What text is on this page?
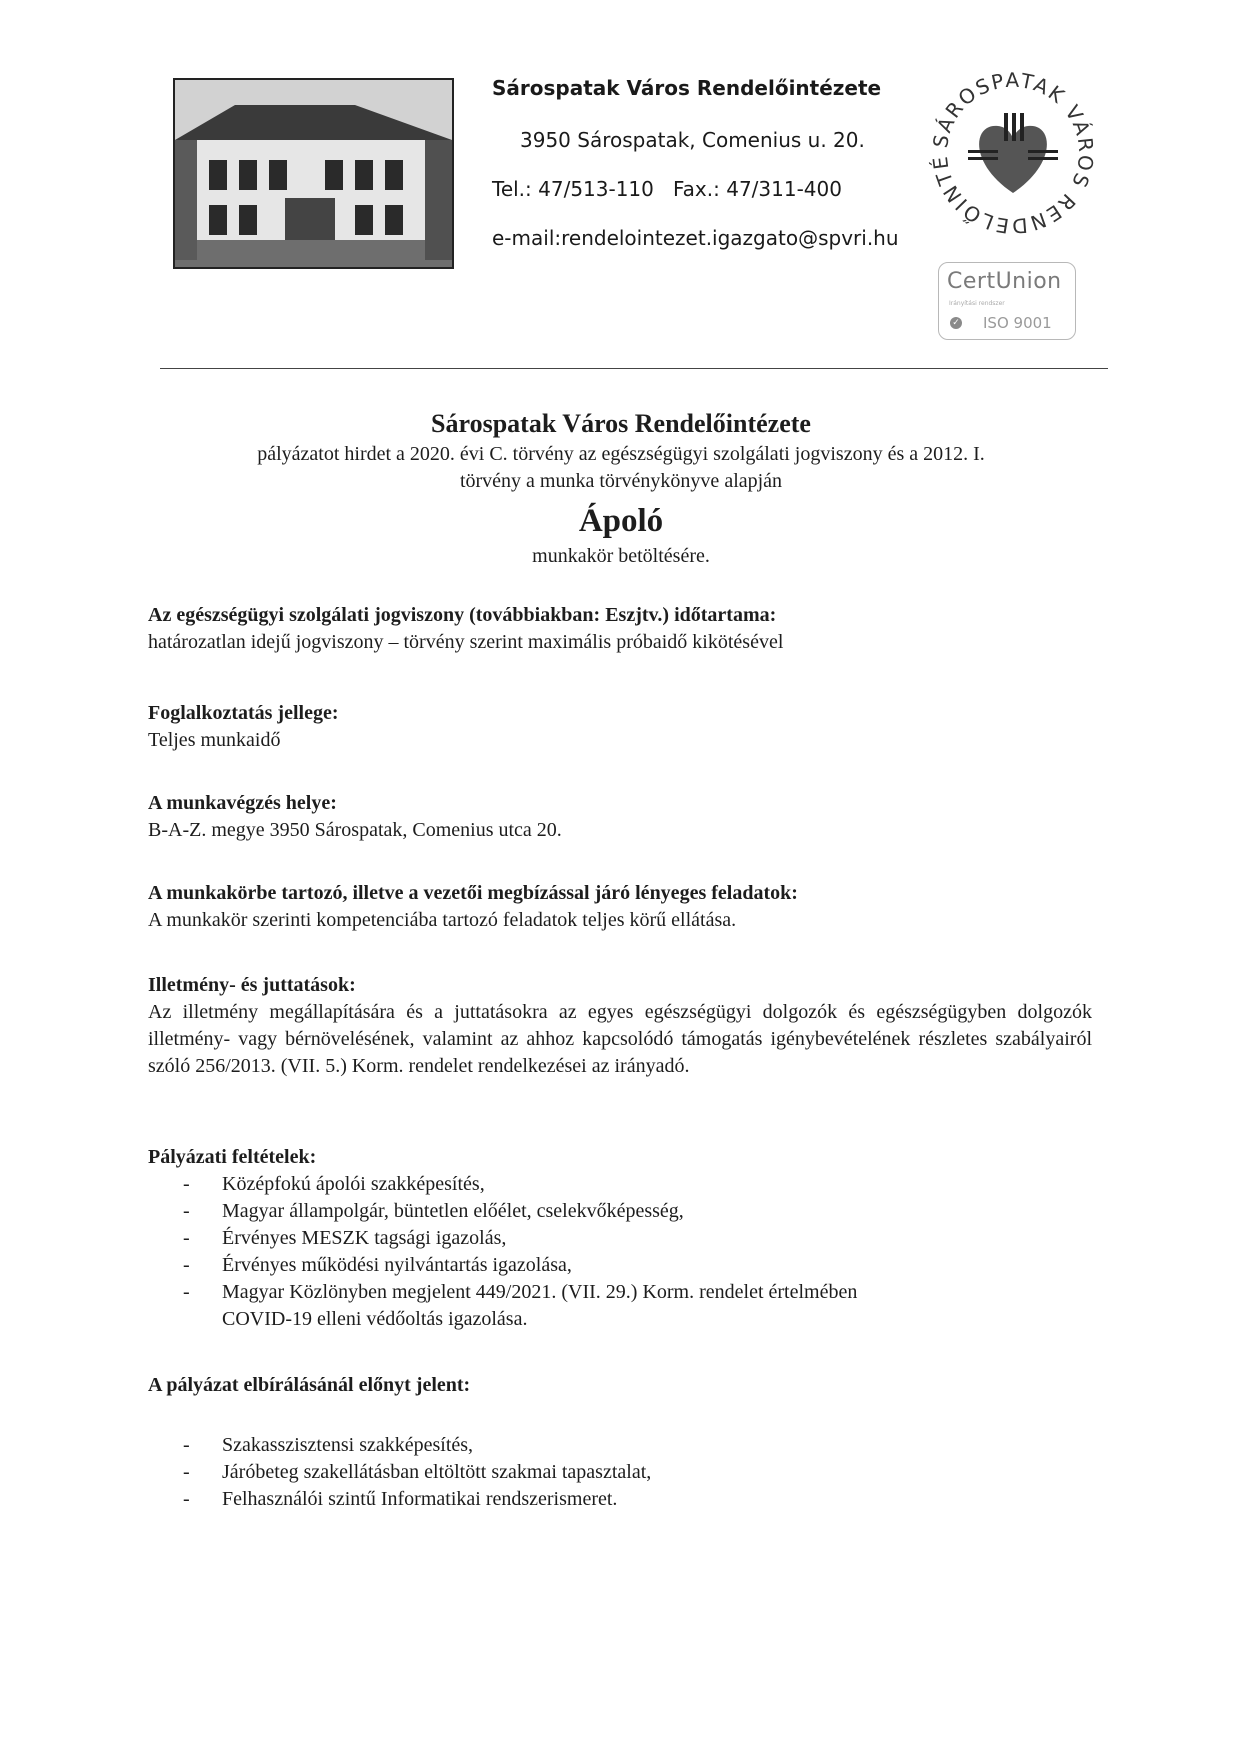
Sárospatak Város Rendelőintézete
3950 Sárospatak, Comenius u. 20.
Tel.: 47/513-110 Fax.: 47/311-400
e-mail:rendelointezet.igazgato@spvri.hu
SÁROSPATAK VÁROS RENDELŐINTÉ
CertUnion
Irányítási rendszer
✓ ISO 9001
Sárospatak Város Rendelőintézete
pályázatot hirdet a 2020. évi C. törvény az egészségügyi szolgálati jogviszony és a 2012. I.
törvény a munka törvénykönyve alapján
Ápoló
munkakör betöltésére.
Az egészségügyi szolgálati jogviszony (továbbiakban: Eszjtv.) időtartama:

határozatlan idejű jogviszony – törvény szerint maximális próbaidő kikötésével

Foglalkoztatás jellege:

Teljes munkaidő

A munkavégzés helye:

B-A-Z. megye 3950 Sárospatak, Comenius utca 20.

A munkakörbe tartozó, illetve a vezetői megbízással járó lényeges feladatok:

A munkakör szerinti kompetenciába tartozó feladatok teljes körű ellátása.

Illetmény- és juttatások:

Az illetmény megállapítására és a juttatásokra az egyes egészségügyi dolgozók és egészségügyben dolgozók illetmény- vagy bérnövelésének, valamint az ahhoz kapcsolódó támogatás igénybevételének részletes szabályairól szóló 256/2013. (VII. 5.) Korm. rendelet rendelkezései az irányadó.

Pályázati feltételek:
- Középfokú ápolói szakképesítés,
- Magyar állampolgár, büntetlen előélet, cselekvőképesség,
- Érvényes MESZK tagsági igazolás,
- Érvényes működési nyilvántartás igazolása,
- Magyar Közlönyben megjelent 449/2021. (VII. 29.) Korm. rendelet értelmében COVID-19 elleni védőoltás igazolása.
A pályázat elbírálásánál előnyt jelent:
- Szakasszisztensi szakképesítés,
- Járóbeteg szakellátásban eltöltött szakmai tapasztalat,
- Felhasználói szintű Informatikai rendszerismeret.
